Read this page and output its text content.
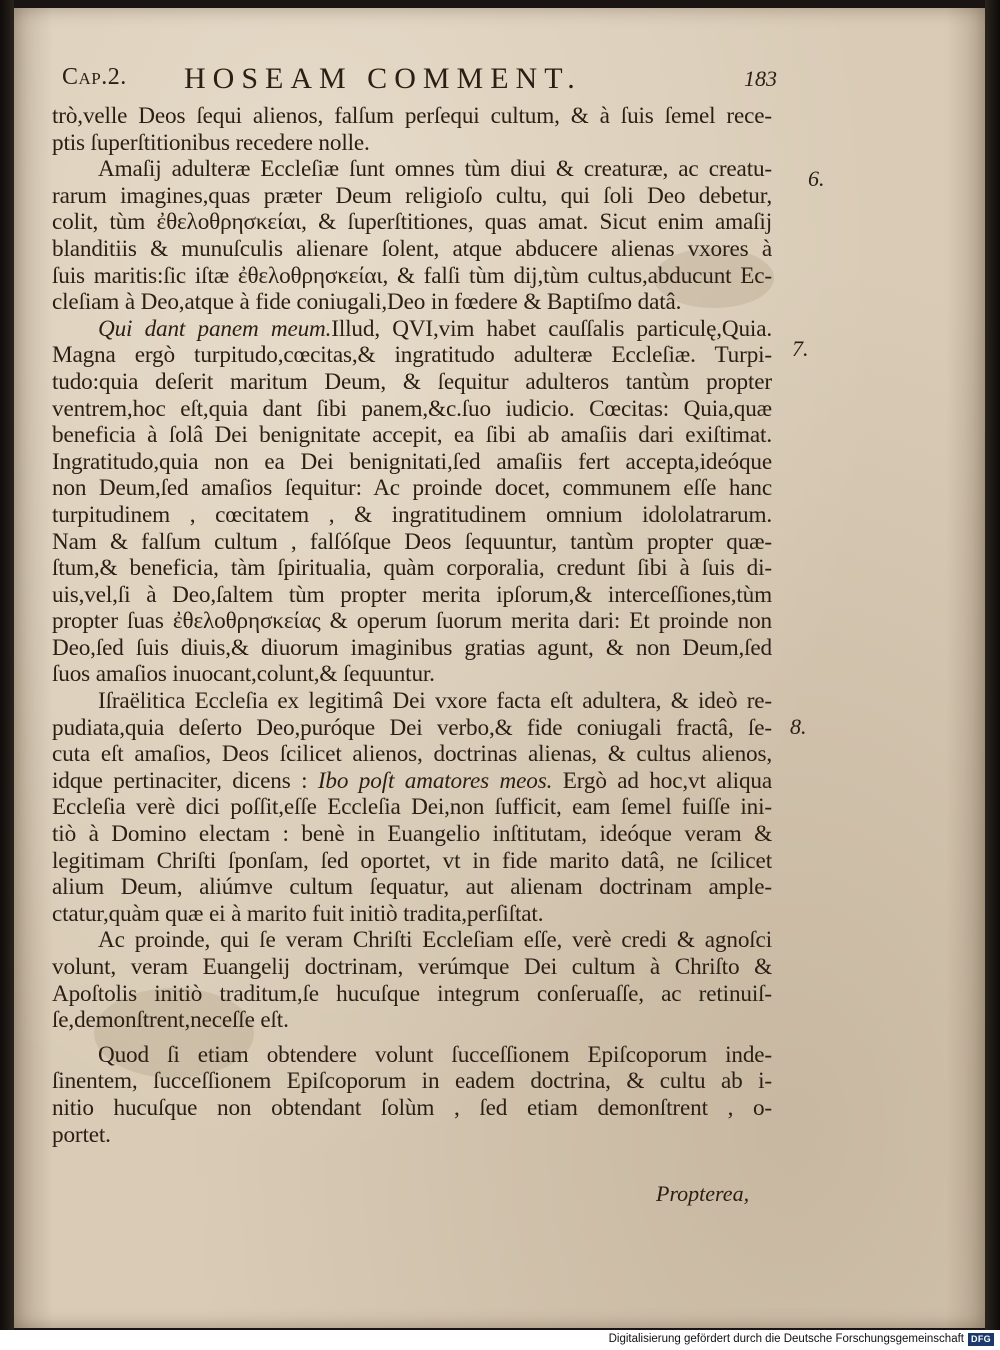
Cap.2. HOSEAM COMMENT.	183
6.
7.
8.
trò,velle Deos ſequi alienos, falſum perſequi cultum, & à ſuis ſemel rece-
ptis ſuperſtitionibus recedere nolle.
Amaſij adulteræ Eccleſiæ ſunt omnes tùm diui & creaturæ, ac creatu-
rarum imagines,quas præter Deum religioſo cultu, qui ſoli Deo debetur,
colit, tùm ἐθελοθρησκείαι, & ſuperſtitiones, quas amat. Sicut enim amaſij
blanditiis & munuſculis alienare ſolent, atque abducere alienas vxores à
ſuis maritis:ſic iſtæ ἐθελοθρησκείαι, & falſi tùm dij,tùm cultus,abducunt Ec-
cleſiam à Deo,atque à fide coniugali,Deo in fœdere & Baptiſmo datâ.
Qui dant panem meum.Illud, QVI,vim habet cauſſalis particulę,Quia.
Magna ergò turpitudo,cœcitas,& ingratitudo adulteræ Eccleſiæ. Turpi-
tudo:quia deſerit maritum Deum, & ſequitur adulteros tantùm propter
ventrem,hoc eſt,quia dant ſibi panem,&c.ſuo iudicio. Cœcitas: Quia,quæ
beneficia à ſolâ Dei benignitate accepit, ea ſibi ab amaſiis dari exiſtimat.
Ingratitudo,quia non ea Dei benignitati,ſed amaſiis fert accepta,ideóque
non Deum,ſed amaſios ſequitur: Ac proinde docet, communem eſſe hanc
turpitudinem , cœcitatem , & ingratitudinem omnium idololatrarum.
Nam & falſum cultum , falſóſque Deos ſequuntur, tantùm propter quæ-
ſtum,& beneficia, tàm ſpiritualia, quàm corporalia, credunt ſibi à ſuis di-
uis,vel,ſi à Deo,ſaltem tùm propter merita ipſorum,& interceſſiones,tùm
propter ſuas ἐθελοθρησκείας & operum ſuorum merita dari: Et proinde non
Deo,ſed ſuis diuis,& diuorum imaginibus gratias agunt, & non Deum,ſed
ſuos amaſios inuocant,colunt,& ſequuntur.
Iſraëlitica Eccleſia ex legitimâ Dei vxore facta eſt adultera, & ideò re-
pudiata,quia deſerto Deo,puróque Dei verbo,& fide coniugali fractâ, ſe-
cuta eſt amaſios, Deos ſcilicet alienos, doctrinas alienas, & cultus alienos,
idque pertinaciter, dicens : Ibo poſt amatores meos. Ergò ad hoc,vt aliqua
Eccleſia verè dici poſſit,eſſe Eccleſia Dei,non ſufficit, eam ſemel fuiſſe ini-
tiò à Domino electam : benè in Euangelio inſtitutam, ideóque veram &
legitimam Chriſti ſponſam, ſed oportet, vt in fide marito datâ, ne ſcilicet
alium Deum, aliúmve cultum ſequatur, aut alienam doctrinam ample-
ctatur,quàm quæ ei à marito fuit initiò tradita,perſiſtat.
Ac proinde, qui ſe veram Chriſti Eccleſiam eſſe, verè credi & agnoſci
volunt, veram Euangelij doctrinam, verúmque Dei cultum à Chriſto &
Apoſtolis initiò traditum,ſe hucuſque integrum conſeruaſſe, ac retinuiſ-
ſe,demonſtrent,neceſſe eſt.
Quod ſi etiam obtendere volunt ſucceſſionem Epiſcoporum inde-
ſinentem, ſucceſſionem Epiſcoporum in eadem doctrina, & cultu ab i-
nitio hucuſque non obtendant ſolùm , ſed etiam demonſtrent , o-
portet.
Propterea,
Digitalisierung gefördert durch die Deutsche Forschungsgemeinschaft DFG
